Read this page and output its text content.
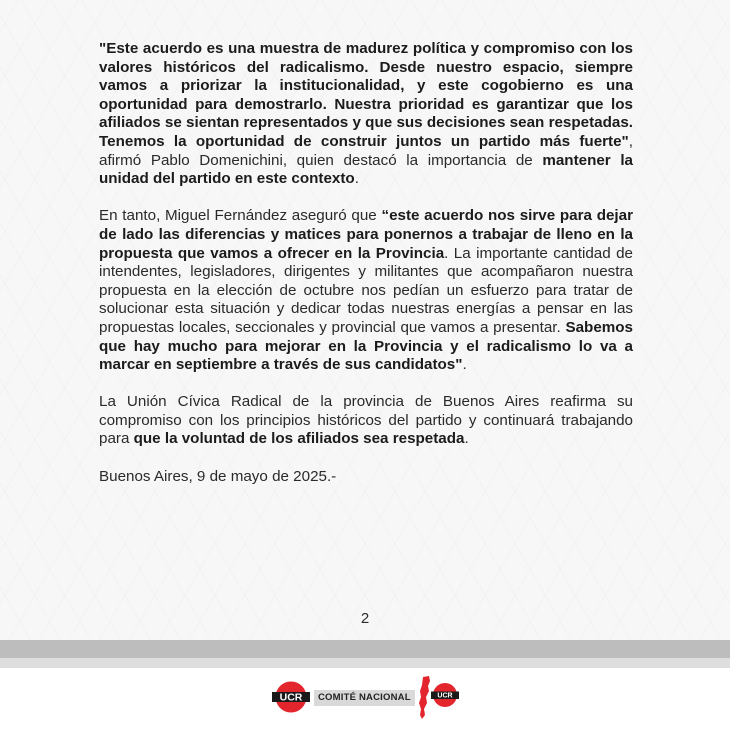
"Este acuerdo es una muestra de madurez política y compromiso con los valores históricos del radicalismo. Desde nuestro espacio, siempre vamos a priorizar la institucionalidad, y este cogobierno es una oportunidad para demostrarlo. Nuestra prioridad es garantizar que los afiliados se sientan representados y que sus decisiones sean respetadas. Tenemos la oportunidad de construir juntos un partido más fuerte", afirmó Pablo Domenichini, quien destacó la importancia de mantener la unidad del partido en este contexto.

En tanto, Miguel Fernández aseguró que “este acuerdo nos sirve para dejar de lado las diferencias y matices para ponernos a trabajar de lleno en la propuesta que vamos a ofrecer en la Provincia. La importante cantidad de intendentes, legisladores, dirigentes y militantes que acompañaron nuestra propuesta en la elección de octubre nos pedían un esfuerzo para tratar de solucionar esta situación y dedicar todas nuestras energías a pensar en las propuestas locales, seccionales y provincial que vamos a presentar. Sabemos que hay mucho para mejorar en la Provincia y el radicalismo lo va a marcar en septiembre a través de sus candidatos".

La Unión Cívica Radical de la provincia de Buenos Aires reafirma su compromiso con los principios históricos del partido y continuará trabajando para que la voluntad de los afiliados sea respetada.

Buenos Aires, 9 de mayo de 2025.-

2
UCR	COMITÉ NACIONAL	UCR
